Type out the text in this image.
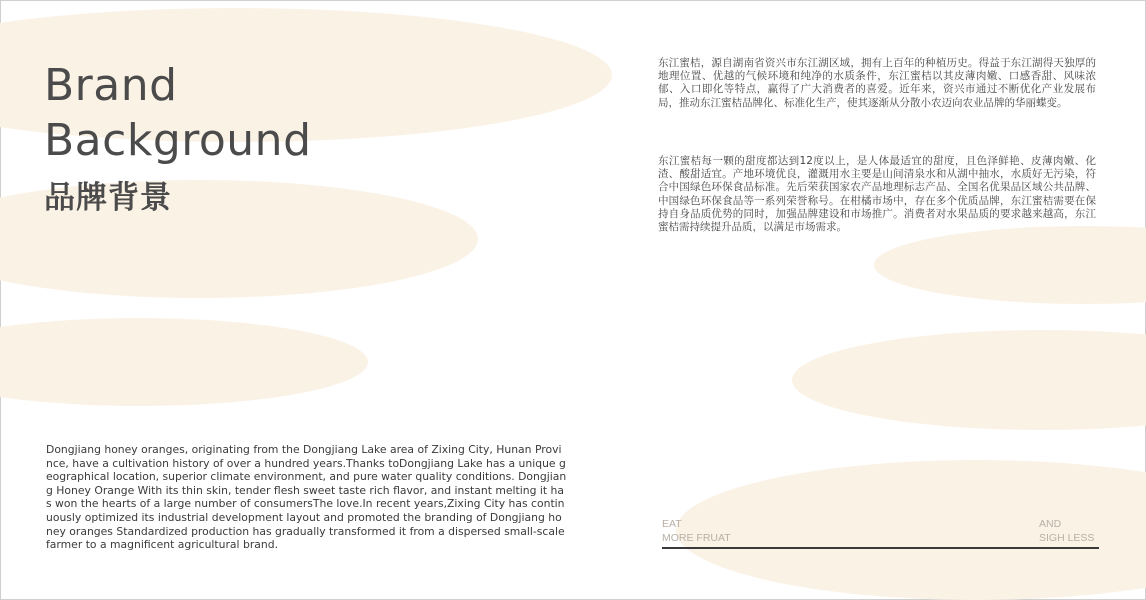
Brand
Background
品牌背景
东江蜜桔，源自湖南省资兴市东江湖区域，拥有上百年的种植历史。得益于东江湖得天独厚的地理位置、优越的气候环境和纯净的水质条件，东江蜜桔以其皮薄肉嫩、口感香甜、风味浓郁、入口即化等特点，赢得了广大消费者的喜爱。近年来，资兴市通过不断优化产业发展布局，推动东江蜜桔品牌化、标准化生产，使其逐渐从分散小农迈向农业品牌的华丽蝶变。
东江蜜桔每一颗的甜度都达到12度以上，是人体最适宜的甜度，且色泽鲜艳、皮薄肉嫩、化渣、酸甜适宜。产地环境优良，灌溉用水主要是山间清泉水和从湖中抽水，水质好无污染，符合中国绿色环保食品标准。先后荣获国家农产品地理标志产品、全国名优果品区域公共品牌、中国绿色环保食品等一系列荣誉称号。在柑橘市场中，存在多个优质品牌，东江蜜桔需要在保持自身品质优势的同时，加强品牌建设和市场推广。消费者对水果品质的要求越来越高，东江蜜桔需持续提升品质，以满足市场需求。
Dongjiang honey oranges, originating from the Dongjiang Lake area of Zixing City, Hunan Province, have a cultivation history of over a hundred years.Thanks toDongjiang Lake has a unique geographical location, superior climate environment, and pure water quality conditions. Dongjiang Honey Orange With its thin skin, tender flesh sweet taste rich flavor, and instant melting it has won the hearts of a large number of consumersThe love.In recent years,Zixing City has continuously optimized its industrial development layout and promoted the branding of Dongjiang honey oranges Standardized production has gradually transformed it from a dispersed small-scale farmer to a magnificent agricultural brand.
EAT
MORE FRUAT
AND
SIGH LESS
